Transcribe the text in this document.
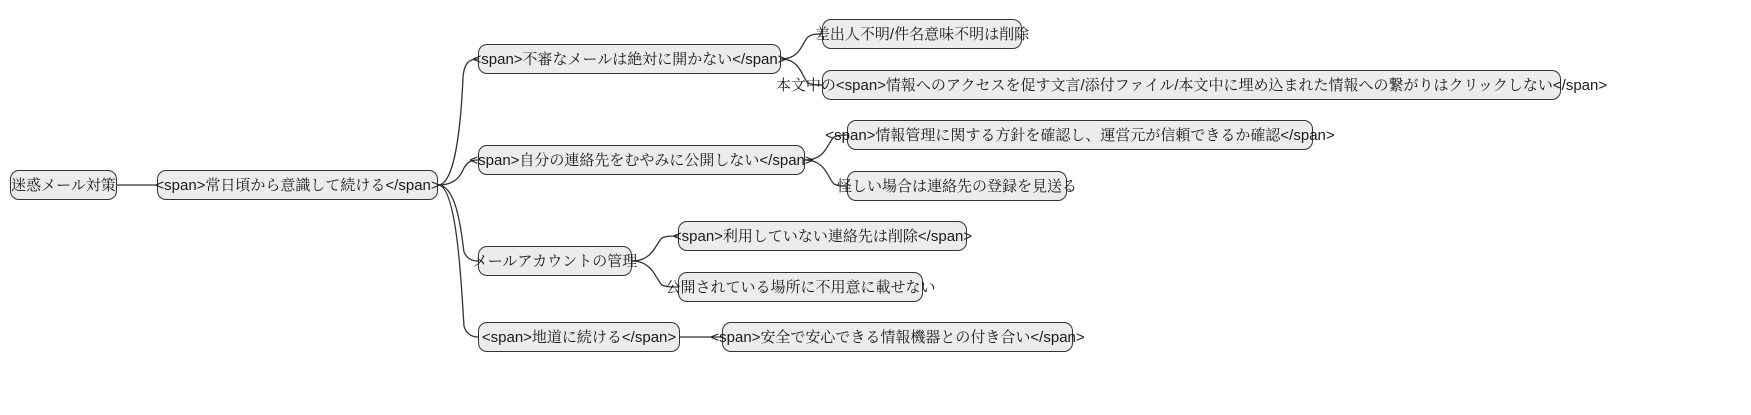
迷惑メール対策	<span>常日頃から意識して続ける</span>
<span>不審なメールは絶対に開かない</span>
<span>自分の連絡先をむやみに公開しない</span>
メールアカウントの管理
<span>地道に続ける</span>
差出人不明/件名意味不明は削除
本文中の<span>情報へのアクセスを促す文言/添付ファイル/本文中に埋め込まれた情報への繋がりはクリックしない</span>
<span>情報管理に関する方針を確認し、運営元が信頼できるか確認</span>
怪しい場合は連絡先の登録を見送る
<span>利用していない連絡先は削除</span>
公開されている場所に不用意に載せない
<span>安全で安心できる情報機器との付き合い</span>
